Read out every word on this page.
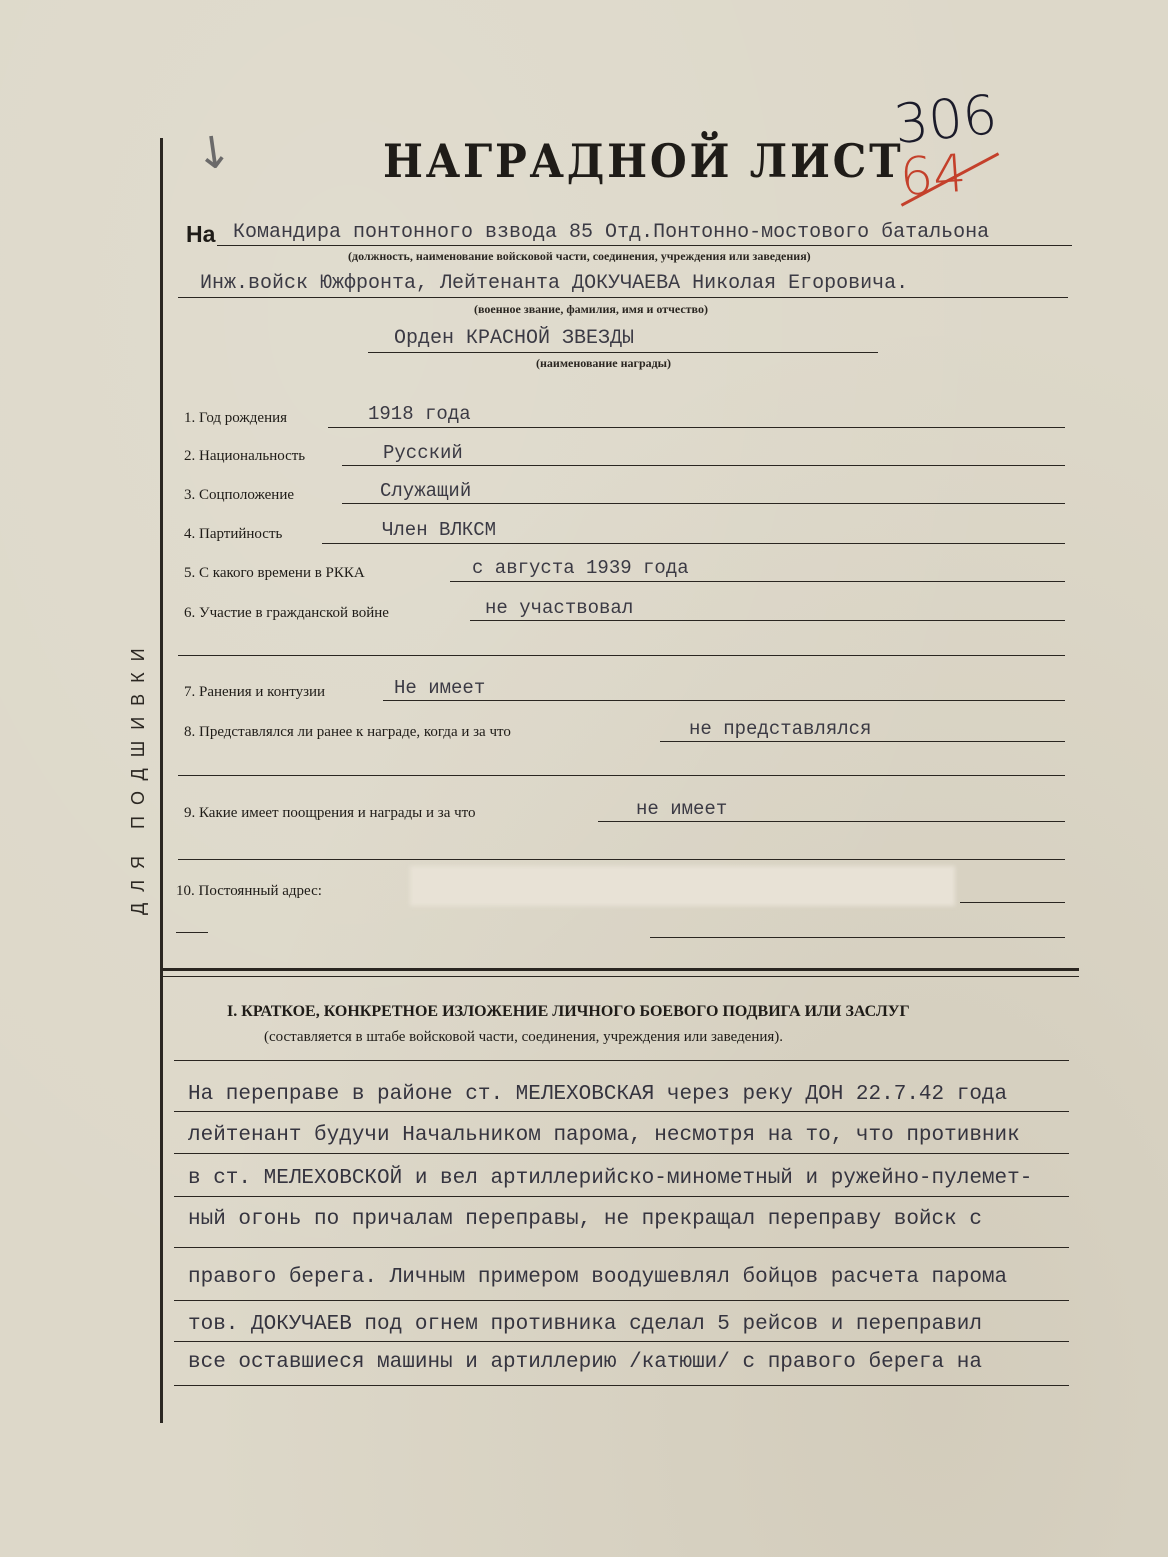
ДЛЯ ПОДШИВКИ
↓	НАГРАДНОЙ ЛИСТ
306
64
На Командира понтонного взвода 85 Отд.Понтонно-мостового батальона
(должность, наименование войсковой части, соединения, учреждения или заведения)
Инж.войск Южфронта, Лейтенанта ДОКУЧАЕВА Николая Егоровича.
(военное звание, фамилия, имя и отчество)
Орден КРАСНОЙ ЗВЕЗДЫ
(наименование награды)
1. Год рождения	1918 года
2. Национальность	Русский
3. Соцположение	Служащий
4. Партийность	Член ВЛКСМ
5. С какого времени в РККА	с августа 1939 года
6. Участие в гражданской войне	не участвовал
7. Ранения и контузии	Не имеет
8. Представлялся ли ранее к награде, когда и за что	не представлялся
9. Какие имеет поощрения и награды и за что	не имеет
10. Постоянный адрес:
I. КРАТКОЕ, КОНКРЕТНОЕ ИЗЛОЖЕНИЕ ЛИЧНОГО БОЕВОГО ПОДВИГА ИЛИ ЗАСЛУГ
(составляется в штабе войсковой части, соединения, учреждения или заведения).
На переправе в районе ст. МЕЛЕХОВСКАЯ через реку ДОН 22.7.42 года
лейтенант будучи Начальником парома, несмотря на то, что противник
в ст. МЕЛЕХОВСКОЙ и вел артиллерийско-минометный и ружейно-пулемет-
ный огонь по причалам переправы, не прекращал переправу войск с
правого берега. Личным примером воодушевлял бойцов расчета парома
тов. ДОКУЧАЕВ под огнем противника сделал 5 рейсов и переправил
все оставшиеся машины и артиллерию /катюши/ с правого берега на
